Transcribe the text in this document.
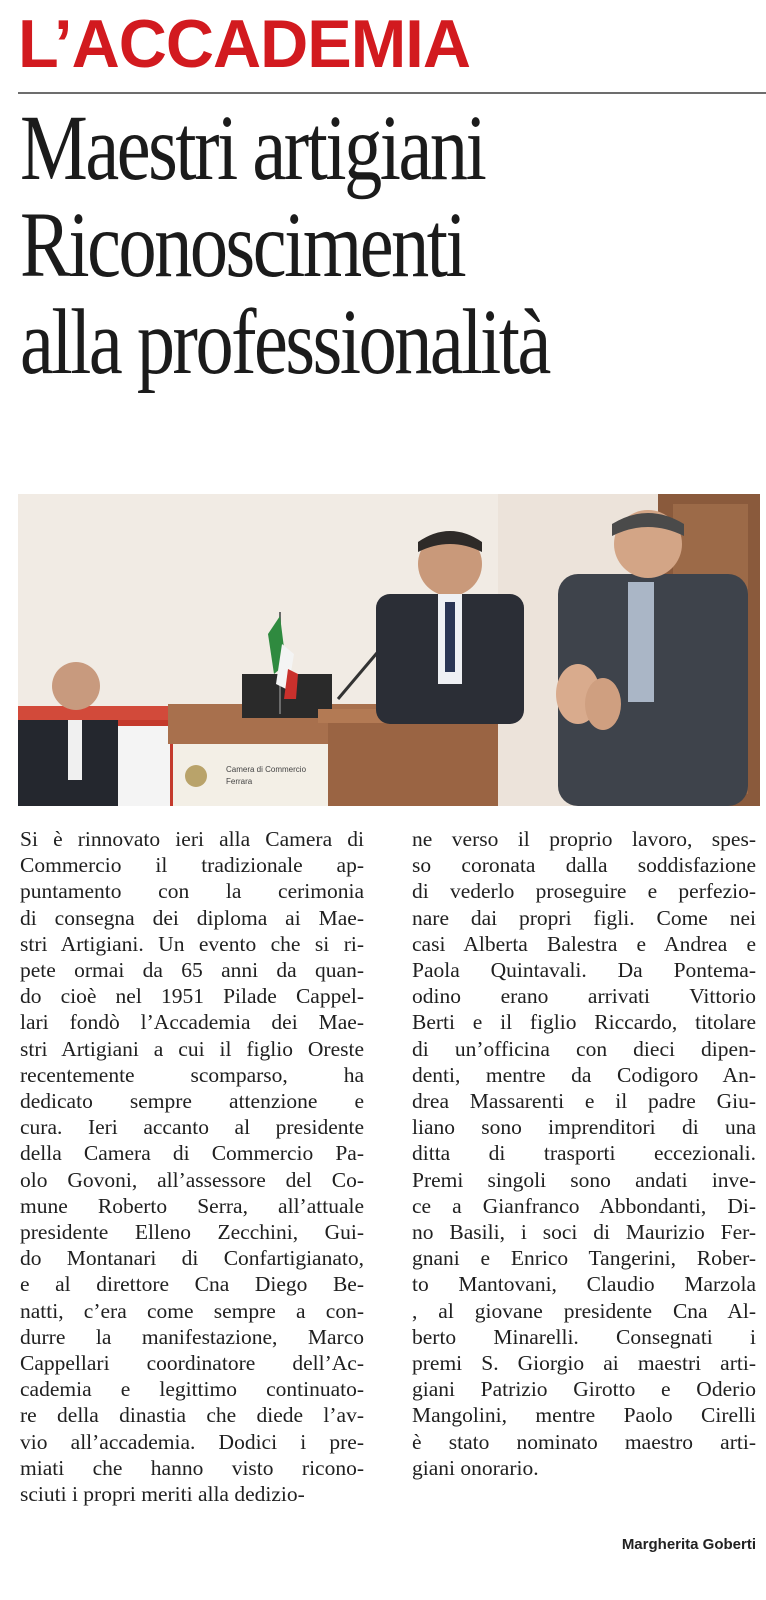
L’ACCADEMIA
Maestri artigiani
Riconoscimenti
alla professionalità
Camera di Commercio
Ferrara
Si è rinnovato ieri alla Camera di
Commercio il tradizionale ap-
puntamento con la cerimonia
di consegna dei diploma ai Mae-
stri Artigiani. Un evento che si ri-
pete ormai da 65 anni da quan-
do cioè nel 1951 Pilade Cappel-
lari fondò l’Accademia dei Mae-
stri Artigiani a cui il figlio Oreste
recentemente scomparso, ha
dedicato sempre attenzione e
cura. Ieri accanto al presidente
della Camera di Commercio Pa-
olo Govoni, all’assessore del Co-
mune Roberto Serra, all’attuale
presidente Elleno Zecchini, Gui-
do Montanari di Confartigianato,
e al direttore Cna Diego Be-
natti, c’era come sempre a con-
durre la manifestazione, Marco
Cappellari coordinatore dell’Ac-
cademia e legittimo continuato-
re della dinastia che diede l’av-
vio all’accademia. Dodici i pre-
miati che hanno visto ricono-
sciuti i propri meriti alla dedizio-
ne verso il proprio lavoro, spes-
so coronata dalla soddisfazione
di vederlo proseguire e perfezio-
nare dai propri figli. Come nei
casi Alberta Balestra e Andrea e
Paola Quintavali. Da Pontema-
odino erano arrivati Vittorio
Berti e il figlio Riccardo, titolare
di un’officina con dieci dipen-
denti, mentre da Codigoro An-
drea Massarenti e il padre Giu-
liano sono imprenditori di una
ditta di trasporti eccezionali.
Premi singoli sono andati inve-
ce a Gianfranco Abbondanti, Di-
no Basili, i soci di Maurizio Fer-
gnani e Enrico Tangerini, Rober-
to Mantovani, Claudio Marzola
, al giovane presidente Cna Al-
berto Minarelli. Consegnati i
premi S. Giorgio ai maestri arti-
giani Patrizio Girotto e Oderio
Mangolini, mentre Paolo Cirelli
è stato nominato maestro arti-
giani onorario.
Margherita Goberti
